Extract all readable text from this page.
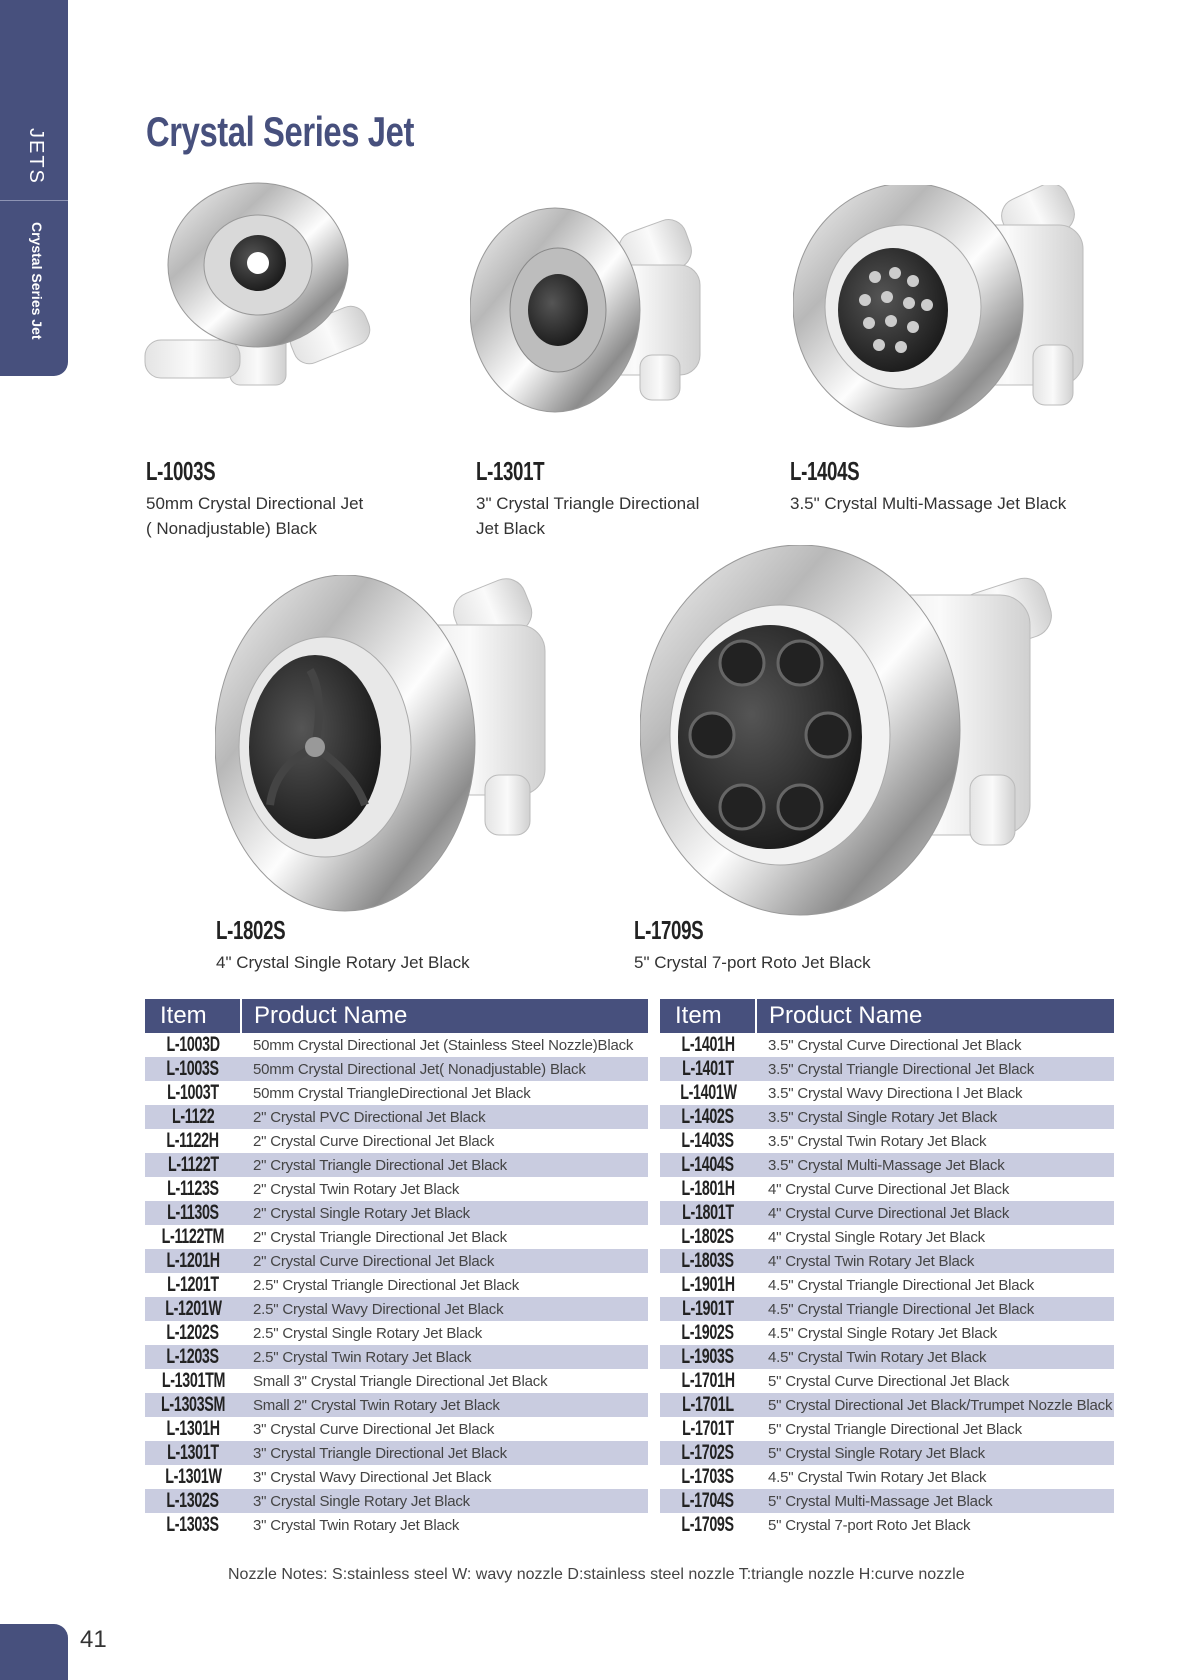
JETS
Crystal Series Jet
Crystal Series Jet
L-1003S
50mm Crystal Directional Jet
( Nonadjustable) Black
L-1301T
3" Crystal Triangle Directional
Jet Black
L-1404S
3.5" Crystal Multi-Massage Jet Black
L-1802S
4" Crystal Single Rotary Jet Black
L-1709S
5" Crystal 7-port Roto Jet Black
Item	Product Name
L-1003D	50mm Crystal Directional Jet (Stainless Steel Nozzle)Black
L-1003S	50mm Crystal Directional Jet( Nonadjustable) Black
L-1003T	50mm Crystal TriangleDirectional Jet Black
L-1122	2" Crystal PVC Directional Jet Black
L-1122H	2" Crystal Curve Directional Jet Black
L-1122T	2" Crystal Triangle Directional Jet Black
L-1123S	2" Crystal Twin Rotary Jet Black
L-1130S	2" Crystal Single Rotary Jet Black
L-1122TM	2" Crystal Triangle Directional Jet Black
L-1201H	2" Crystal Curve Directional Jet Black
L-1201T	2.5" Crystal Triangle Directional Jet Black
L-1201W	2.5" Crystal Wavy Directional Jet Black
L-1202S	2.5" Crystal Single Rotary Jet Black
L-1203S	2.5" Crystal Twin Rotary Jet Black
L-1301TM	Small 3" Crystal Triangle Directional Jet Black
L-1303SM	Small 2" Crystal Twin Rotary Jet Black
L-1301H	3" Crystal Curve Directional Jet Black
L-1301T	3" Crystal Triangle Directional Jet Black
L-1301W	3" Crystal Wavy Directional Jet Black
L-1302S	3" Crystal Single Rotary Jet Black
L-1303S	3" Crystal Twin Rotary Jet Black
Item	Product Name
L-1401H	3.5" Crystal Curve Directional Jet Black
L-1401T	3.5" Crystal Triangle Directional Jet Black
L-1401W	3.5" Crystal Wavy Directiona l Jet Black
L-1402S	3.5" Crystal Single Rotary Jet Black
L-1403S	3.5" Crystal Twin Rotary Jet Black
L-1404S	3.5" Crystal Multi-Massage Jet Black
L-1801H	4" Crystal Curve Directional Jet Black
L-1801T	4" Crystal Curve Directional Jet Black
L-1802S	4" Crystal Single Rotary Jet Black
L-1803S	4" Crystal Twin Rotary Jet Black
L-1901H	4.5" Crystal Triangle Directional Jet Black
L-1901T	4.5" Crystal Triangle Directional Jet Black
L-1902S	4.5" Crystal Single Rotary Jet Black
L-1903S	4.5" Crystal Twin Rotary Jet Black
L-1701H	5" Crystal Curve Directional Jet Black
L-1701L	5" Crystal Directional Jet Black/Trumpet Nozzle Black
L-1701T	5" Crystal Triangle Directional Jet Black
L-1702S	5" Crystal Single Rotary Jet Black
L-1703S	4.5" Crystal Twin Rotary Jet Black
L-1704S	5" Crystal Multi-Massage Jet Black
L-1709S	5" Crystal 7-port Roto Jet Black
Nozzle Notes: S:stainless steel W: wavy nozzle D:stainless steel nozzle T:triangle nozzle H:curve nozzle
41
